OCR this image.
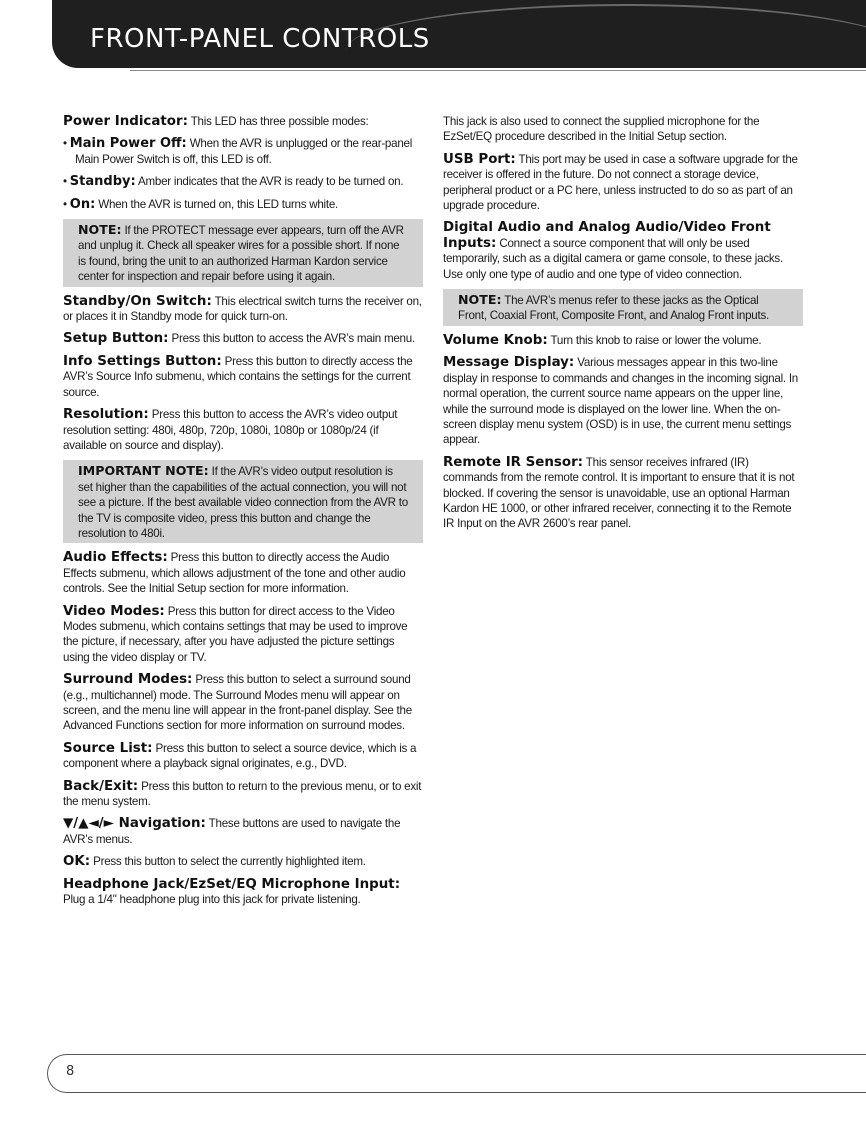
FRONT-PANEL CONTROLS
Power Indicator: This LED has three possible modes:
• Main Power Off: When the AVR is unplugged or the rear-panel Main Power Switch is off, this LED is off.
• Standby: Amber indicates that the AVR is ready to be turned on.
• On: When the AVR is turned on, this LED turns white.
NOTE: If the PROTECT message ever appears, turn off the AVR and unplug it. Check all speaker wires for a possible short. If none is found, bring the unit to an authorized Harman Kardon service center for inspection and repair before using it again.
Standby/On Switch: This electrical switch turns the receiver on, or places it in Standby mode for quick turn-on.
Setup Button: Press this button to access the AVR’s main menu.
Info Settings Button: Press this button to directly access the AVR’s Source Info submenu, which contains the settings for the current source.
Resolution: Press this button to access the AVR’s video output resolution setting: 480i, 480p, 720p, 1080i, 1080p or 1080p/24 (if available on source and display).
IMPORTANT NOTE: If the AVR’s video output resolution is set higher than the capabilities of the actual connection, you will not see a picture. If the best available video connection from the AVR to the TV is composite video, press this button and change the resolution to 480i.
Audio Effects: Press this button to directly access the Audio Effects submenu, which allows adjustment of the tone and other audio controls. See the Initial Setup section for more information.
Video Modes: Press this button for direct access to the Video Modes submenu, which contains settings that may be used to improve the picture, if necessary, after you have adjusted the picture settings using the video display or TV.
Surround Modes: Press this button to select a surround sound (e.g., multichannel) mode. The Surround Modes menu will appear on screen, and the menu line will appear in the front-panel display. See the Advanced Functions section for more information on surround modes.
Source List: Press this button to select a source device, which is a component where a playback signal originates, e.g., DVD.
Back/Exit: Press this button to return to the previous menu, or to exit the menu system.
▼/▲◄/► Navigation: These buttons are used to navigate the AVR’s menus.
OK: Press this button to select the currently highlighted item.
Headphone Jack/EzSet/EQ Microphone Input: Plug a 1/4" headphone plug into this jack for private listening.
This jack is also used to connect the supplied microphone for the EzSet/EQ procedure described in the Initial Setup section.
USB Port: This port may be used in case a software upgrade for the receiver is offered in the future. Do not connect a storage device, peripheral product or a PC here, unless instructed to do so as part of an upgrade procedure.
Digital Audio and Analog Audio/Video Front Inputs: Connect a source component that will only be used temporarily, such as a digital camera or game console, to these jacks. Use only one type of audio and one type of video connection.
NOTE: The AVR’s menus refer to these jacks as the Optical Front, Coaxial Front, Composite Front, and Analog Front inputs.
Volume Knob: Turn this knob to raise or lower the volume.
Message Display: Various messages appear in this two-line display in response to commands and changes in the incoming signal. In normal operation, the current source name appears on the upper line, while the surround mode is displayed on the lower line. When the on-screen display menu system (OSD) is in use, the current menu settings appear.
Remote IR Sensor: This sensor receives infrared (IR) commands from the remote control. It is important to ensure that it is not blocked. If covering the sensor is unavoidable, use an optional Harman Kardon HE 1000, or other infrared receiver, connecting it to the Remote IR Input on the AVR 2600’s rear panel.
8
